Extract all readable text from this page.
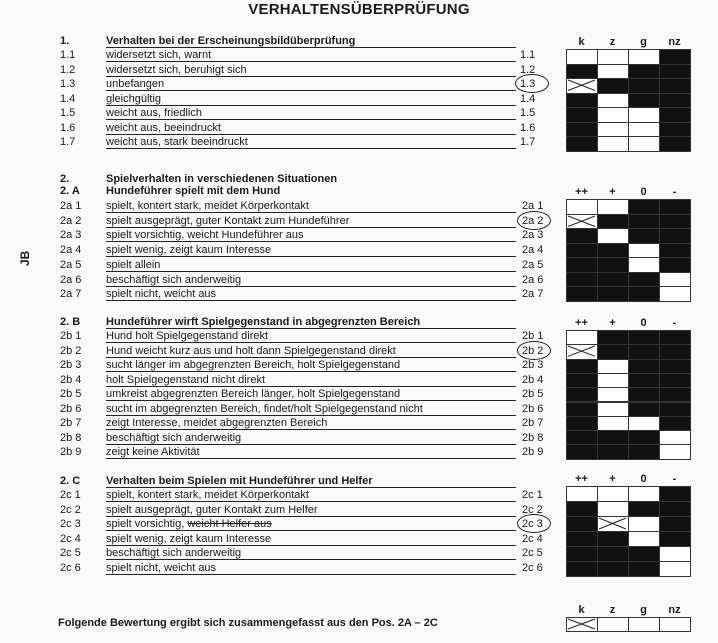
VERHALTENSÜBERPRÜFUNG
JB
1.	Verhalten bei der Erscheinungsbildüberprüfung	k	z	g	nz
1.1	widersetzt sich, warnt	1.1
1.2	widersetzt sich, beruhigt sich	1.2
1.3	unbefangen	1.3
1.4	gleichgültig	1.4
1.5	weicht aus, friedlich	1.5
1.6	weicht aus, beeindruckt	1.6
1.7	weicht aus, stark beeindruckt	1.7
2.	Spielverhalten in verschiedenen Situationen
2. A	Hundeführer spielt mit dem Hund	++	+	0	-
2a 1	spielt, kontert stark, meidet Körperkontakt	2a 1
2a 2	spielt ausgeprägt, guter Kontakt zum Hundeführer	2a 2
2a 3	spielt vorsichtig, weicht Hundeführer aus	2a 3
2a 4	spielt wenig, zeigt kaum Interesse	2a 4
2a 5	spielt allein	2a 5
2a 6	beschäftigt sich anderweitig	2a 6
2a 7	spielt nicht, weicht aus	2a 7
2. B	Hundeführer wirft Spielgegenstand in abgegrenzten Bereich	++	+	0	-
2b 1	Hund holt Spielgegenstand direkt	2b 1
2b 2	Hund weicht kurz aus und holt dann Spielgegenstand direkt	2b 2
2b 3	sucht länger im abgegrenzten Bereich, holt Spielgegenstand	2b 3
2b 4	holt Spielgegenstand nicht direkt	2b 4
2b 5	umkreist abgegrenzten Bereich länger, holt Spielgegenstand	2b 5
2b 6	sucht im abgegrenzten Bereich, findet/holt Spielgegenstand nicht	2b 6
2b 7	zeigt Interesse, meidet abgegrenzten Bereich	2b 7
2b 8	beschäftigt sich anderweitig	2b 8
2b 9	zeigt keine Aktivität	2b 9
2. C	Verhalten beim Spielen mit Hundeführer und Helfer	++	+	0	-
2c 1	spielt, kontert stark, meidet Körperkontakt	2c 1
2c 2	spielt ausgeprägt, guter Kontakt zum Helfer	2c 2
2c 3	spielt vorsichtig, weicht Helfer aus	2c 3
2c 4	spielt wenig, zeigt kaum Interesse	2c 4
2c 5	beschäftigt sich anderweitig	2c 5
2c 6	spielt nicht, weicht aus	2c 6
k	z	g	nz
Folgende Bewertung ergibt sich zusammengefasst aus den Pos. 2A – 2C
